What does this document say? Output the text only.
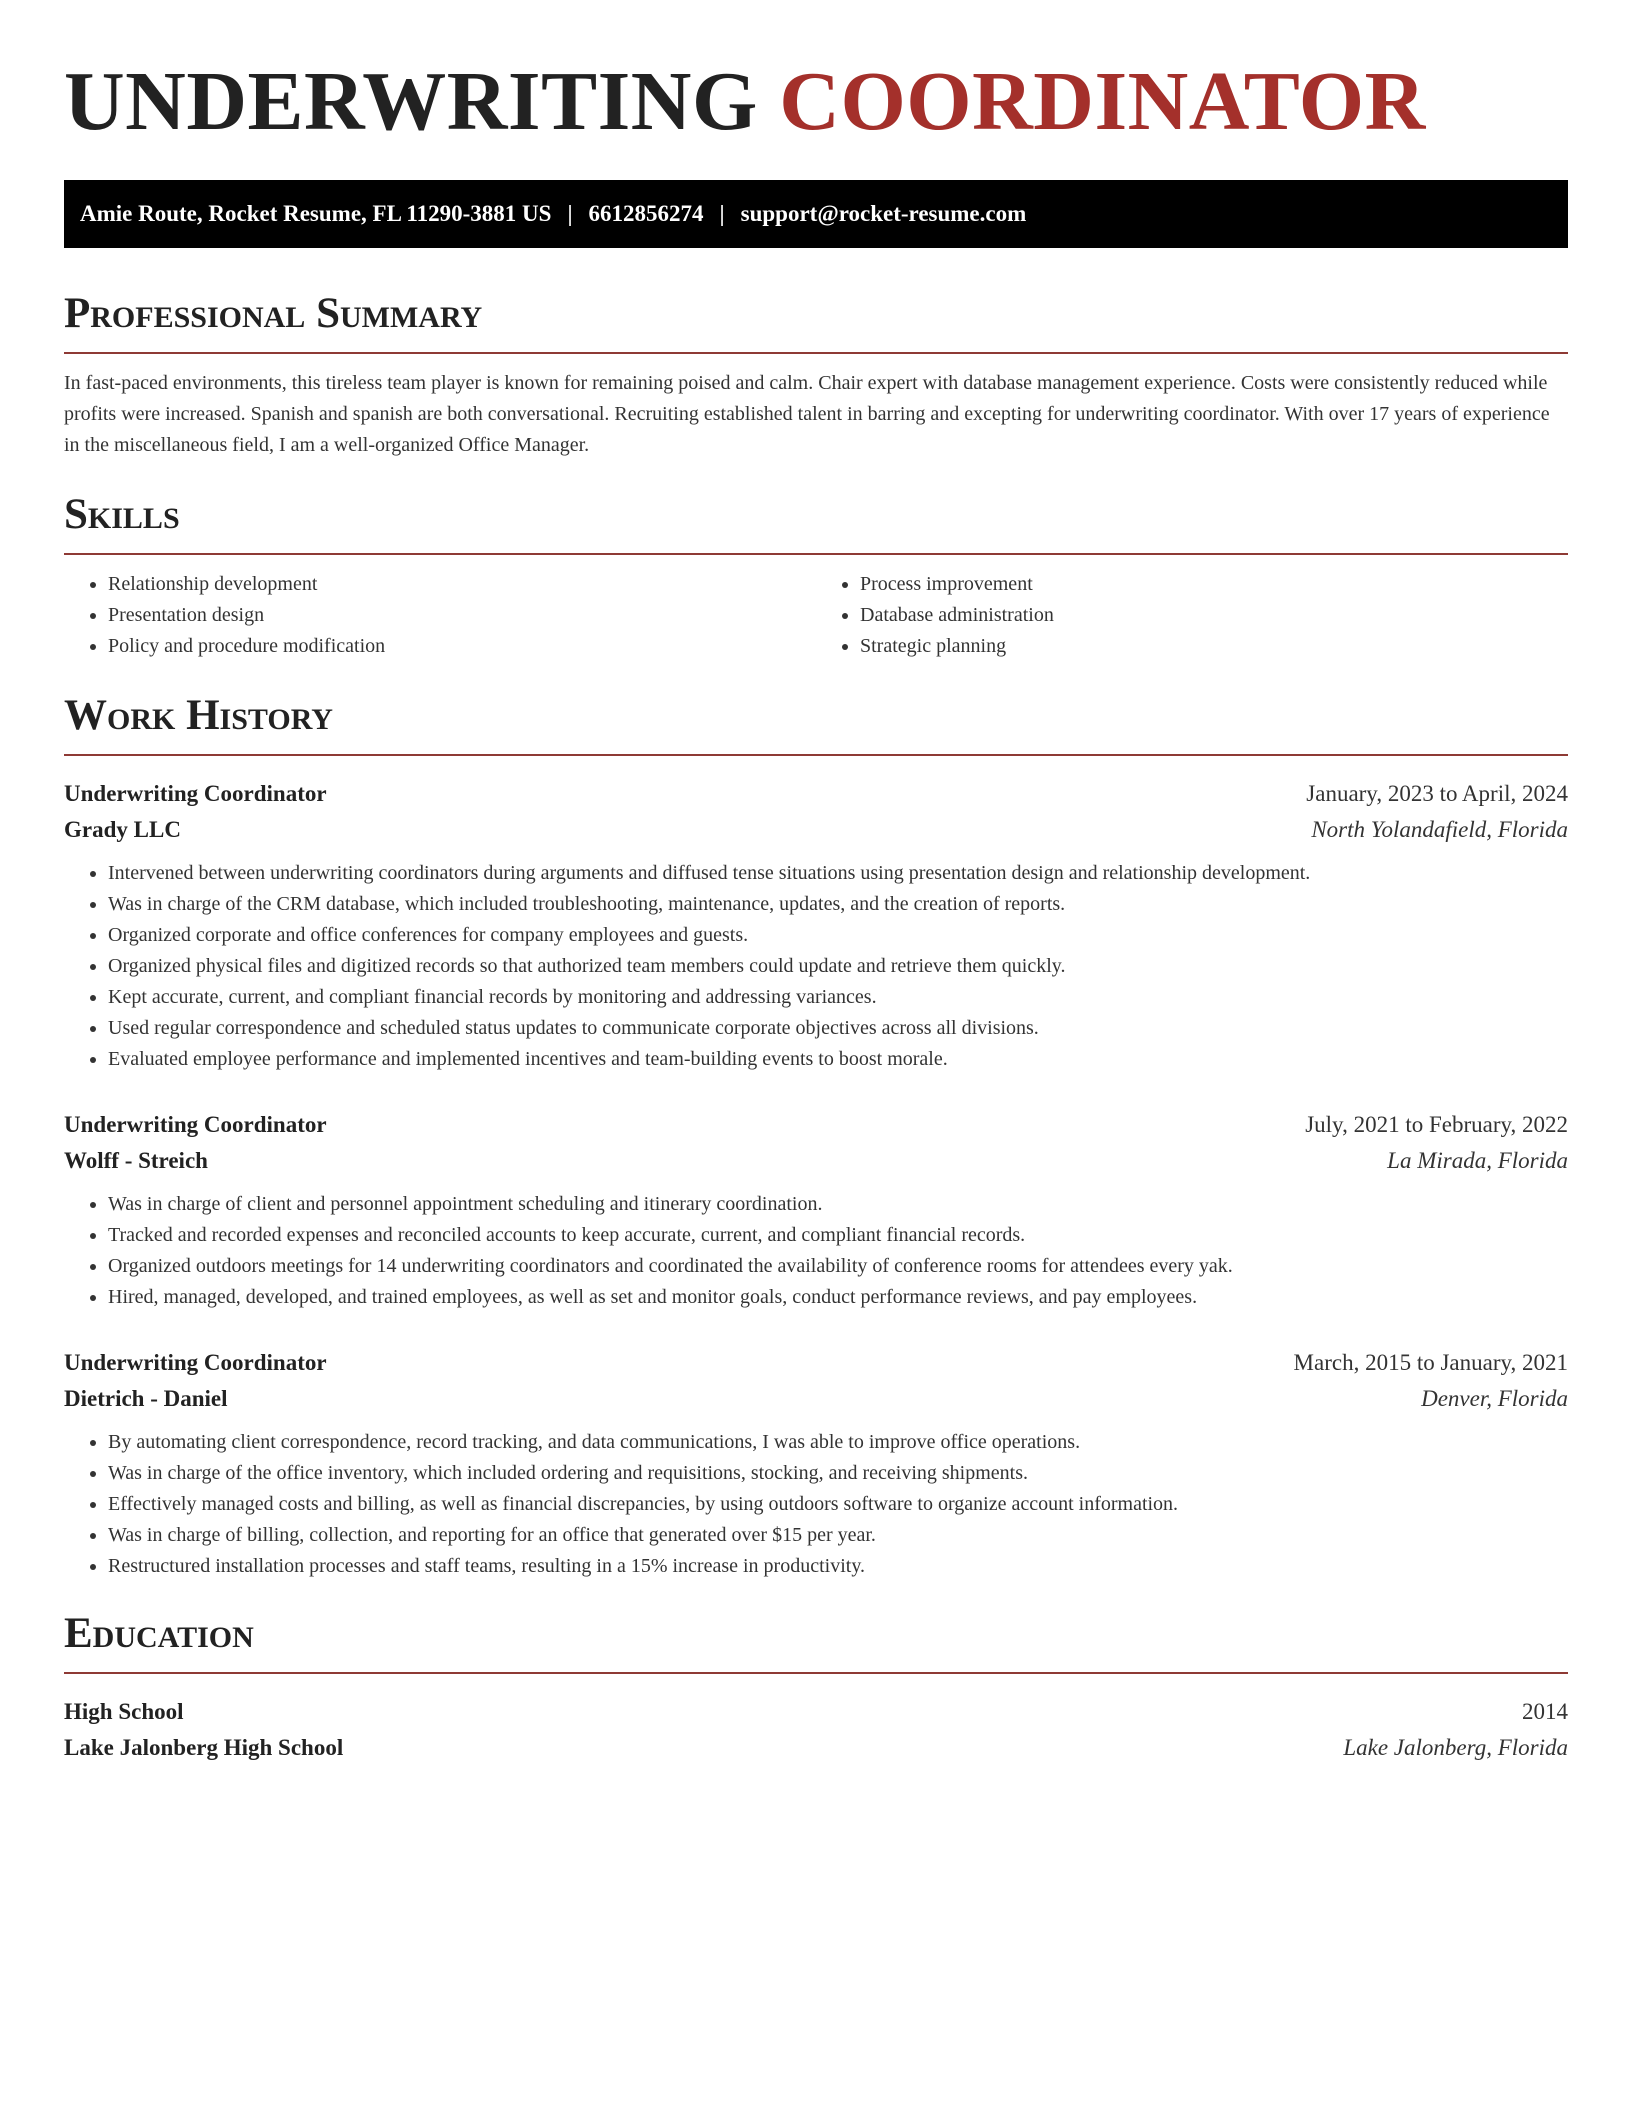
UNDERWRITING COORDINATOR
Amie Route, Rocket Resume, FL 11290-3881 US | 6612856274 | support@rocket-resume.com
Professional Summary

In fast-paced environments, this tireless team player is known for remaining poised and calm. Chair expert with database management experience. Costs were consistently reduced while profits were increased. Spanish and spanish are both conversational. Recruiting established talent in barring and excepting for underwriting coordinator. With over 17 years of experience in the miscellaneous field, I am a well-organized Office Manager.

Skills
• Relationship development
• Presentation design
• Policy and procedure modification
• Process improvement
• Database administration
• Strategic planning
Work History
Underwriting Coordinator	January, 2023 to April, 2024
Grady LLC	North Yolandafield, Florida
• Intervened between underwriting coordinators during arguments and diffused tense situations using presentation design and relationship development.
• Was in charge of the CRM database, which included troubleshooting, maintenance, updates, and the creation of reports.
• Organized corporate and office conferences for company employees and guests.
• Organized physical files and digitized records so that authorized team members could update and retrieve them quickly.
• Kept accurate, current, and compliant financial records by monitoring and addressing variances.
• Used regular correspondence and scheduled status updates to communicate corporate objectives across all divisions.
• Evaluated employee performance and implemented incentives and team-building events to boost morale.
Underwriting Coordinator	July, 2021 to February, 2022
Wolff - Streich	La Mirada, Florida
• Was in charge of client and personnel appointment scheduling and itinerary coordination.
• Tracked and recorded expenses and reconciled accounts to keep accurate, current, and compliant financial records.
• Organized outdoors meetings for 14 underwriting coordinators and coordinated the availability of conference rooms for attendees every yak.
• Hired, managed, developed, and trained employees, as well as set and monitor goals, conduct performance reviews, and pay employees.
Underwriting Coordinator	March, 2015 to January, 2021
Dietrich - Daniel	Denver, Florida
• By automating client correspondence, record tracking, and data communications, I was able to improve office operations.
• Was in charge of the office inventory, which included ordering and requisitions, stocking, and receiving shipments.
• Effectively managed costs and billing, as well as financial discrepancies, by using outdoors software to organize account information.
• Was in charge of billing, collection, and reporting for an office that generated over $15 per year.
• Restructured installation processes and staff teams, resulting in a 15% increase in productivity.
Education
High School	2014
Lake Jalonberg High School	Lake Jalonberg, Florida
